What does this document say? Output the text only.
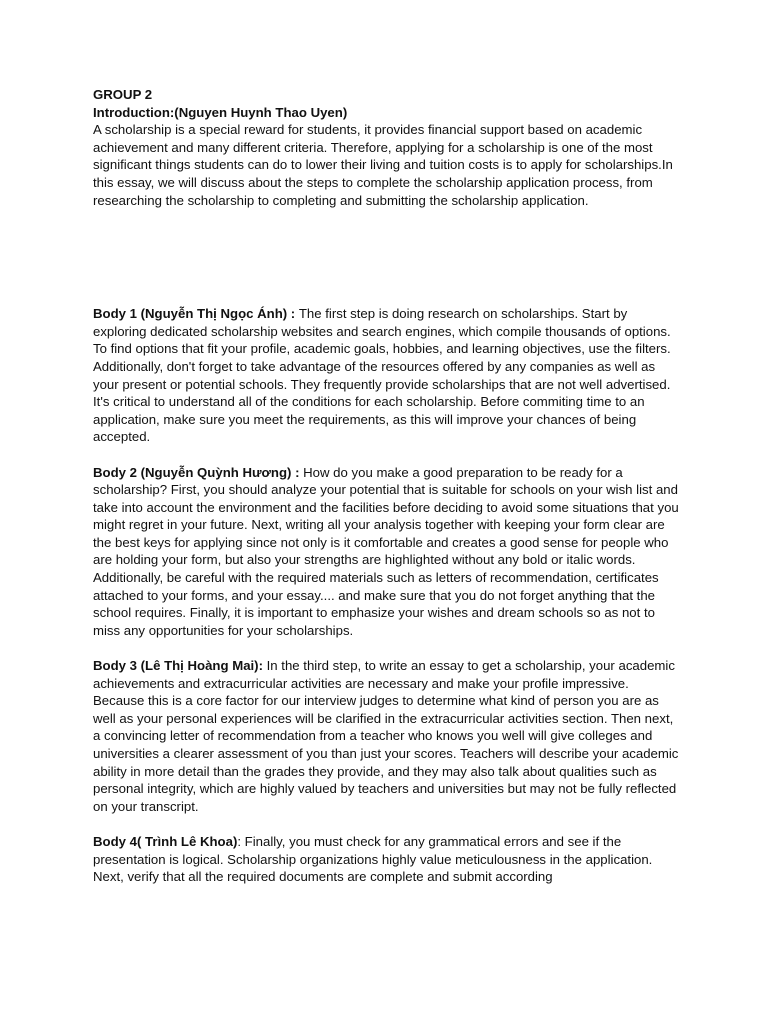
GROUP 2
Introduction:(Nguyen Huynh Thao Uyen)

A scholarship is a special reward for students, it provides financial support based on academic achievement and many different criteria. Therefore, applying for a scholarship is one of the most significant things students can do to lower their living and tuition costs is to apply for scholarships.In this essay, we will discuss about the steps to complete the scholarship application process, from researching the scholarship to completing and submitting the scholarship application.

Body 1 (Nguyễn Thị Ngọc Ánh) : The first step is doing research on scholarships. Start by exploring dedicated scholarship websites and search engines, which compile thousands of options. To find options that fit your profile, academic goals, hobbies, and learning objectives, use the filters. Additionally, don't forget to take advantage of the resources offered by any companies as well as your present or potential schools. They frequently provide scholarships that are not well advertised. It's critical to understand all of the conditions for each scholarship. Before commiting time to an application, make sure you meet the requirements, as this will improve your chances of being accepted.

Body 2 (Nguyễn Quỳnh Hương) : How do you make a good preparation to be ready for a scholarship? First, you should analyze your potential that is suitable for schools on your wish list and take into account the environment and the facilities before deciding to avoid some situations that you might regret in your future. Next, writing all your analysis together with keeping your form clear are the best keys for applying since not only is it comfortable and creates a good sense for people who are holding your form, but also your strengths are highlighted without any bold or italic words. Additionally, be careful with the required materials such as letters of recommendation, certificates attached to your forms, and your essay.... and make sure that you do not forget anything that the school requires. Finally, it is important to emphasize your wishes and dream schools so as not to miss any opportunities for your scholarships.

Body 3 (Lê Thị Hoàng Mai): In the third step, to write an essay to get a scholarship, your academic achievements and extracurricular activities are necessary and make your profile impressive. Because this is a core factor for our interview judges to determine what kind of person you are as well as your personal experiences will be clarified in the extracurricular activities section. Then next, a convincing letter of recommendation from a teacher who knows you well will give colleges and universities a clearer assessment of you than just your scores. Teachers will describe your academic ability in more detail than the grades they provide, and they may also talk about qualities such as personal integrity, which are highly valued by teachers and universities but may not be fully reflected on your transcript.

Body 4( Trình Lê Khoa): Finally, you must check for any grammatical errors and see if the presentation is logical. Scholarship organizations highly value meticulousness in the application. Next, verify that all the required documents are complete and submit according
